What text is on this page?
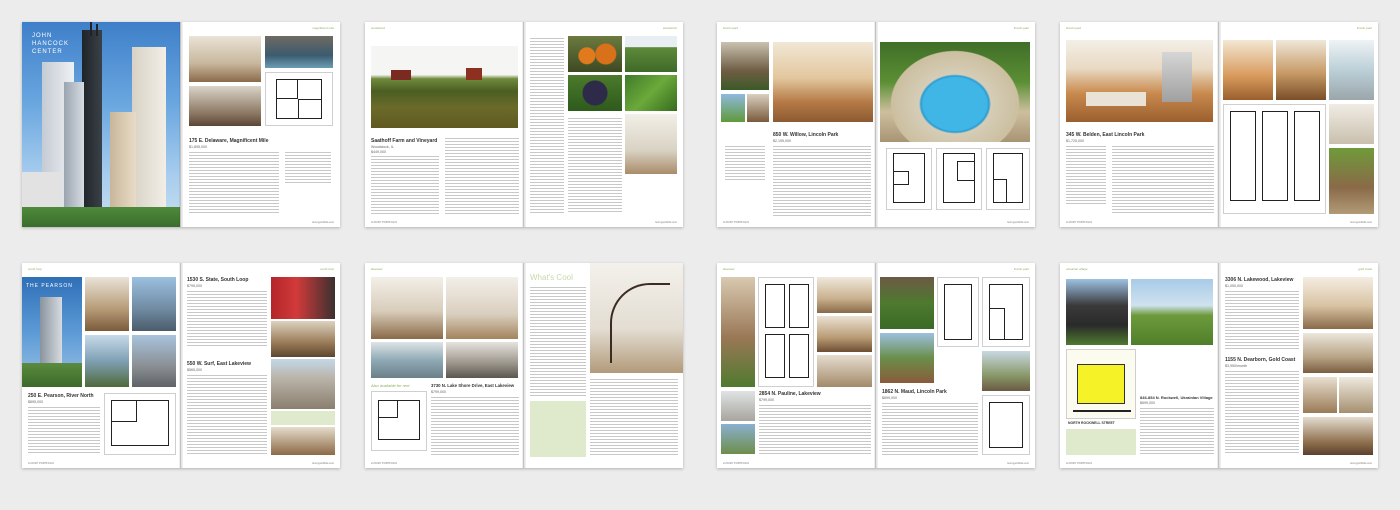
JOHN HANCOCK CENTER
magnificent mile
175 E. Delaware, Magnificent Mile
$1,895,000
luxuryportfolio.com
woodstock
Saathoff Farm and Vineyard
Woodstock, IL
$449,000
LUXURY PORTFOLIO
woodstock
luxuryportfolio.com
lincoln park
850 W. Willow, Lincoln Park
$2,195,000
LUXURY PORTFOLIO
lincoln park
luxuryportfolio.com
lincoln park
345 W. Belden, East Lincoln Park
$1,725,000
LUXURY PORTFOLIO
lincoln park
luxuryportfolio.com
south loop
THE PEARSON
250 E. Pearson, River North
$895,000
LUXURY PORTFOLIO
south loop
1530 S. State, South Loop
$795,000
550 W. Surf, East Lakeview
$565,000
luxuryportfolio.com
lakeview
Also available for rent	3730 N. Lake Shore Drive, East Lakeview
$799,000
LUXURY PORTFOLIO
What's Cool
lakeview
2854 N. Pauline, Lakeview
$799,000
LUXURY PORTFOLIO
lincoln park
1862 N. Maud, Lincoln Park
$899,000
luxuryportfolio.com
ukrainian village
NORTH ROCKWELL STREET
846-854 N. Rockwell, Ukrainian Village
$699,000
LUXURY PORTFOLIO
gold coast
3306 N. Lakewood, Lakeview
$1,050,000
1155 N. Dearborn, Gold Coast
$3,950/month
luxuryportfolio.com
